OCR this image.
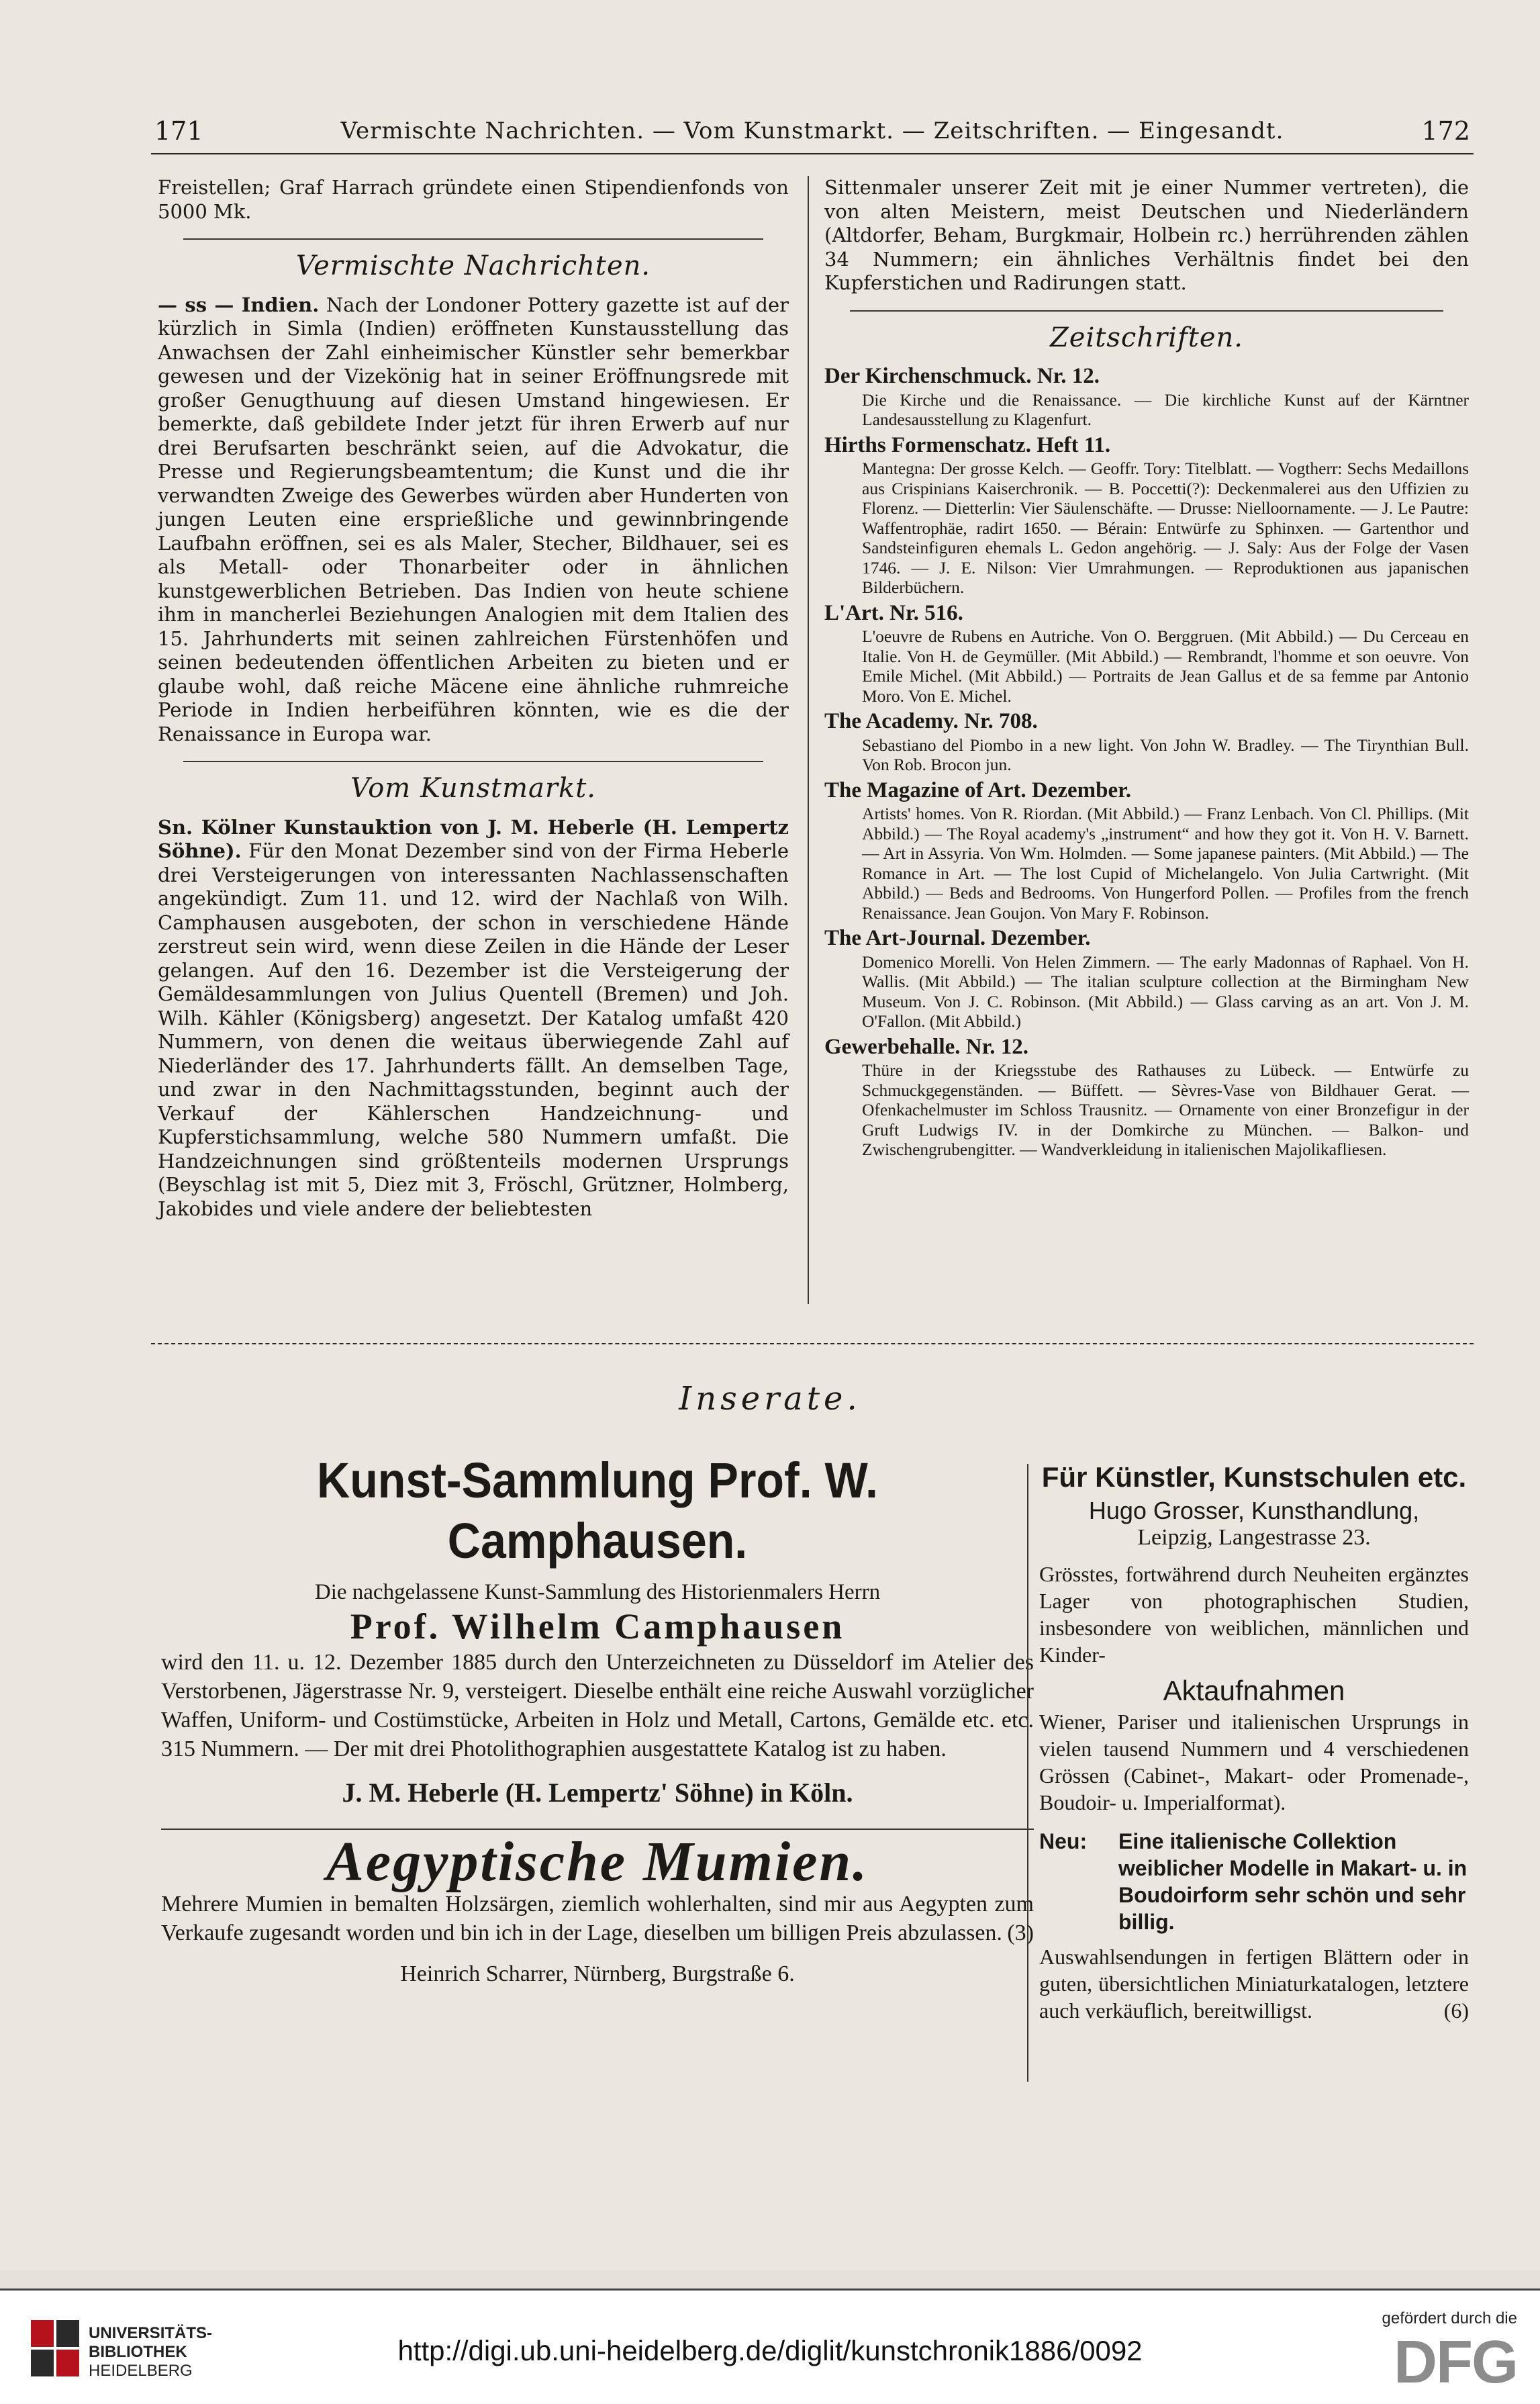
171	Vermischte Nachrichten. — Vom Kunstmarkt. — Zeitschriften. — Eingesandt.	172

Freistellen; Graf Harrach gründete einen Stipendienfonds von 5000 Mk.

Vermischte Nachrichten.

— ss — Indien. Nach der Londoner Pottery gazette ist auf der kürzlich in Simla (Indien) eröffneten Kunstausstellung das Anwachsen der Zahl einheimischer Künstler sehr bemerkbar gewesen und der Vizekönig hat in seiner Eröffnungsrede mit großer Genugthuung auf diesen Umstand hingewiesen. Er bemerkte, daß gebildete Inder jetzt für ihren Erwerb auf nur drei Berufsarten beschränkt seien, auf die Advokatur, die Presse und Regierungsbeamtentum; die Kunst und die ihr verwandten Zweige des Gewerbes würden aber Hunderten von jungen Leuten eine ersprießliche und gewinnbringende Laufbahn eröffnen, sei es als Maler, Stecher, Bildhauer, sei es als Metall- oder Thonarbeiter oder in ähnlichen kunstgewerblichen Betrieben. Das Indien von heute schiene ihm in mancherlei Beziehungen Analogien mit dem Italien des 15. Jahrhunderts mit seinen zahlreichen Fürstenhöfen und seinen bedeutenden öffentlichen Arbeiten zu bieten und er glaube wohl, daß reiche Mäcene eine ähnliche ruhmreiche Periode in Indien herbeiführen könnten, wie es die der Renaissance in Europa war.

Vom Kunstmarkt.

Sn. Kölner Kunstauktion von J. M. Heberle (H. Lempertz Söhne). Für den Monat Dezember sind von der Firma Heberle drei Versteigerungen von interessanten Nachlassenschaften angekündigt. Zum 11. und 12. wird der Nachlaß von Wilh. Camphausen ausgeboten, der schon in verschiedene Hände zerstreut sein wird, wenn diese Zeilen in die Hände der Leser gelangen. Auf den 16. Dezember ist die Versteigerung der Gemäldesammlungen von Julius Quentell (Bremen) und Joh. Wilh. Kähler (Königsberg) angesetzt. Der Katalog umfaßt 420 Nummern, von denen die weitaus überwiegende Zahl auf Niederländer des 17. Jahrhunderts fällt. An demselben Tage, und zwar in den Nachmittagsstunden, beginnt auch der Verkauf der Kählerschen Handzeichnung- und Kupferstichsammlung, welche 580 Nummern umfaßt. Die Handzeichnungen sind größtenteils modernen Ursprungs (Beyschlag ist mit 5, Diez mit 3, Fröschl, Grützner, Holmberg, Jakobides und viele andere der beliebtesten

Sittenmaler unserer Zeit mit je einer Nummer vertreten), die von alten Meistern, meist Deutschen und Niederländern (Altdorfer, Beham, Burgkmair, Holbein rc.) herrührenden zählen 34 Nummern; ein ähnliches Verhältnis findet bei den Kupferstichen und Radirungen statt.

Zeitschriften.
Der Kirchenschmuck. Nr. 12.
Die Kirche und die Renaissance. — Die kirchliche Kunst auf der Kärntner Landesausstellung zu Klagenfurt.
Hirths Formenschatz. Heft 11.
Mantegna: Der grosse Kelch. — Geoffr. Tory: Titelblatt. — Vogtherr: Sechs Medaillons aus Crispinians Kaiserchronik. — B. Poccetti(?): Deckenmalerei aus den Uffizien zu Florenz. — Dietterlin: Vier Säulenschäfte. — Drusse: Nielloornamente. — J. Le Pautre: Waffentrophäe, radirt 1650. — Bérain: Entwürfe zu Sphinxen. — Gartenthor und Sandsteinfiguren ehemals L. Gedon angehörig. — J. Saly: Aus der Folge der Vasen 1746. — J. E. Nilson: Vier Umrahmungen. — Reproduktionen aus japanischen Bilderbüchern.
L'Art. Nr. 516.
L'oeuvre de Rubens en Autriche. Von O. Berggruen. (Mit Abbild.) — Du Cerceau en Italie. Von H. de Geymüller. (Mit Abbild.) — Rembrandt, l'homme et son oeuvre. Von Emile Michel. (Mit Abbild.) — Portraits de Jean Gallus et de sa femme par Antonio Moro. Von E. Michel.
The Academy. Nr. 708.
Sebastiano del Piombo in a new light. Von John W. Bradley. — The Tirynthian Bull. Von Rob. Brocon jun.
The Magazine of Art. Dezember.
Artists' homes. Von R. Riordan. (Mit Abbild.) — Franz Lenbach. Von Cl. Phillips. (Mit Abbild.) — The Royal academy's „instrument“ and how they got it. Von H. V. Barnett. — Art in Assyria. Von Wm. Holmden. — Some japanese painters. (Mit Abbild.) — The Romance in Art. — The lost Cupid of Michelangelo. Von Julia Cartwright. (Mit Abbild.) — Beds and Bedrooms. Von Hungerford Pollen. — Profiles from the french Renaissance. Jean Goujon. Von Mary F. Robinson.
The Art-Journal. Dezember.
Domenico Morelli. Von Helen Zimmern. — The early Madonnas of Raphael. Von H. Wallis. (Mit Abbild.) — The italian sculpture collection at the Birmingham New Museum. Von J. C. Robinson. (Mit Abbild.) — Glass carving as an art. Von J. M. O'Fallon. (Mit Abbild.)
Gewerbehalle. Nr. 12.
Thüre in der Kriegsstube des Rathauses zu Lübeck. — Entwürfe zu Schmuckgegenständen. — Büffett. — Sèvres-Vase von Bildhauer Gerat. — Ofenkachelmuster im Schloss Trausnitz. — Ornamente von einer Bronzefigur in der Gruft Ludwigs IV. in der Domkirche zu München. — Balkon- und Zwischengrubengitter. — Wandverkleidung in italienischen Majolikafliesen.
Inserate.
Kunst-Sammlung Prof. W. Camphausen.
Die nachgelassene Kunst-Sammlung des Historienmalers Herrn
Prof. Wilhelm Camphausen
wird den 11. u. 12. Dezember 1885 durch den Unterzeichneten zu Düsseldorf im Atelier des Verstorbenen, Jägerstrasse Nr. 9, versteigert. Dieselbe enthält eine reiche Auswahl vorzüglicher Waffen, Uniform- und Costümstücke, Arbeiten in Holz und Metall, Cartons, Gemälde etc. etc. 315 Nummern. — Der mit drei Photolithographien ausgestattete Katalog ist zu haben.
J. M. Heberle (H. Lempertz' Söhne) in Köln.
Aegyptische Mumien.
Mehrere Mumien in bemalten Holzsärgen, ziemlich wohlerhalten, sind mir aus Aegypten zum Verkaufe zugesandt worden und bin ich in der Lage, dieselben um billigen Preis abzulassen. (3)
Heinrich Scharrer, Nürnberg, Burgstraße 6.
Für Künstler, Kunstschulen etc.
Hugo Grosser, Kunsthandlung,
Leipzig, Langestrasse 23.
Grösstes, fortwährend durch Neuheiten ergänztes Lager von photographischen Studien, insbesondere von weiblichen, männlichen und Kinder-
Aktaufnahmen
Wiener, Pariser und italienischen Ursprungs in vielen tausend Nummern und 4 verschiedenen Grössen (Cabinet-, Makart- oder Promenade-, Boudoir- u. Imperialformat).
Neu:	Eine italienische Collektion weiblicher Modelle in Makart- u. in Boudoirform sehr schön und sehr billig.
Auswahlsendungen in fertigen Blättern oder in guten, übersichtlichen Miniaturkatalogen, letztere auch verkäuflich, bereitwilligst.	(6)
UNIVERSITÄTS-
BIBLIOTHEK
HEIDELBERG
http://digi.ub.uni-heidelberg.de/diglit/kunstchronik1886/0092
gefördert durch die
DFG
